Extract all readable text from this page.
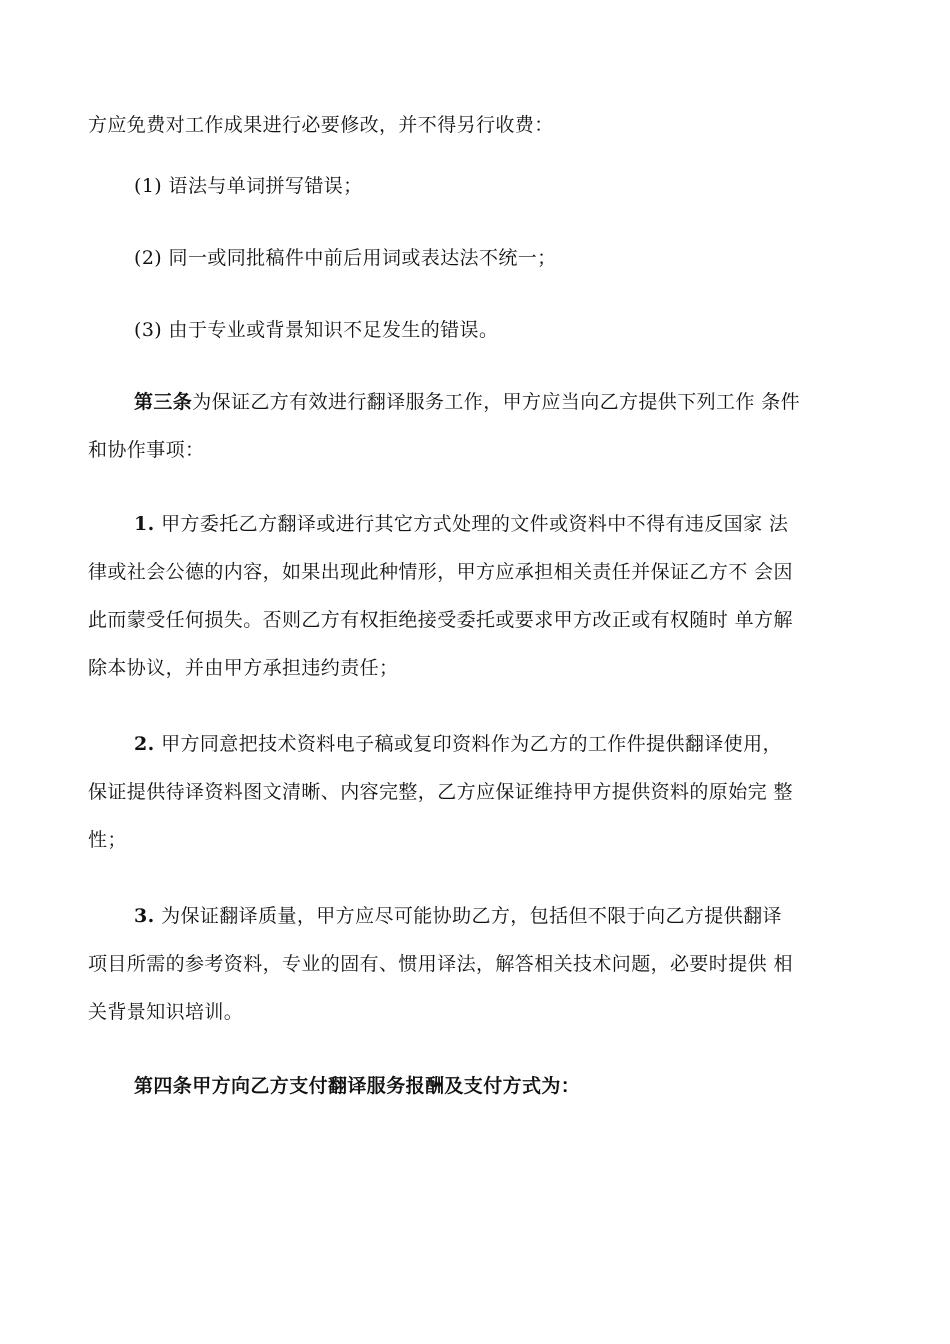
方应免费对工作成果进行必要修改，并不得另行收费：

(1) 语法与单词拼写错误；

(2) 同一或同批稿件中前后用词或表达法不统一；

(3) 由于专业或背景知识不足发生的错误。

第三条为保证乙方有效进行翻译服务工作，甲方应当向乙方提供下列工作 条件
和协作事项：
1. 甲方委托乙方翻译或进行其它方式处理的文件或资料中不得有违反国家 法
律或社会公德的内容，如果出现此种情形，甲方应承担相关责任并保证乙方不 会因
此而蒙受任何损失。否则乙方有权拒绝接受委托或要求甲方改正或有权随时 单方解
除本协议，并由甲方承担违约责任；
2. 甲方同意把技术资料电子稿或复印资料作为乙方的工作件提供翻译使用，
保证提供待译资料图文清晰、内容完整，乙方应保证维持甲方提供资料的原始完 整
性；
3. 为保证翻译质量，甲方应尽可能协助乙方，包括但不限于向乙方提供翻译
项目所需的参考资料，专业的固有、惯用译法，解答相关技术问题，必要时提供 相
关背景知识培训。

第四条甲方向乙方支付翻译服务报酬及支付方式为：
